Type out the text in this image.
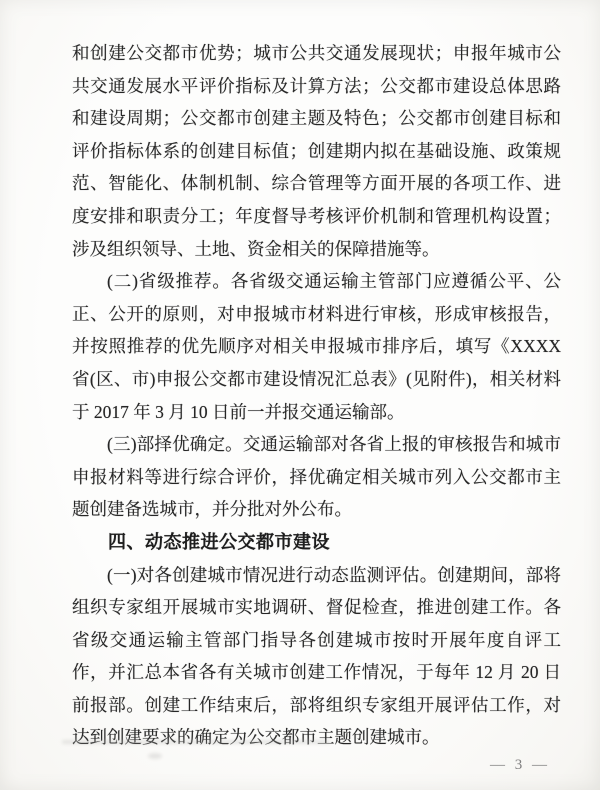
和创建公交都市优势；城市公共交通发展现状；申报年城市公共交通发展水平评价指标及计算方法；公交都市建设总体思路和建设周期；公交都市创建主题及特色；公交都市创建目标和评价指标体系的创建目标值；创建期内拟在基础设施、政策规范、智能化、体制机制、综合管理等方面开展的各项工作、进度安排和职责分工；年度督导考核评价机制和管理机构设置；涉及组织领导、土地、资金相关的保障措施等。

(二)省级推荐。各省级交通运输主管部门应遵循公平、公正、公开的原则，对申报城市材料进行审核，形成审核报告，并按照推荐的优先顺序对相关申报城市排序后，填写《XXXX 省(区、市)申报公交都市建设情况汇总表》(见附件)，相关材料于 2017 年 3 月 10 日前一并报交通运输部。

(三)部择优确定。交通运输部对各省上报的审核报告和城市申报材料等进行综合评价，择优确定相关城市列入公交都市主题创建备选城市，并分批对外公布。

四、动态推进公交都市建设

(一)对各创建城市情况进行动态监测评估。创建期间，部将组织专家组开展城市实地调研、督促检查，推进创建工作。各省级交通运输主管部门指导各创建城市按时开展年度自评工作，并汇总本省各有关城市创建工作情况，于每年 12 月 20 日前报部。创建工作结束后，部将组织专家组开展评估工作，对达到创建要求的确定为公交都市主题创建城市。

— 3 —
